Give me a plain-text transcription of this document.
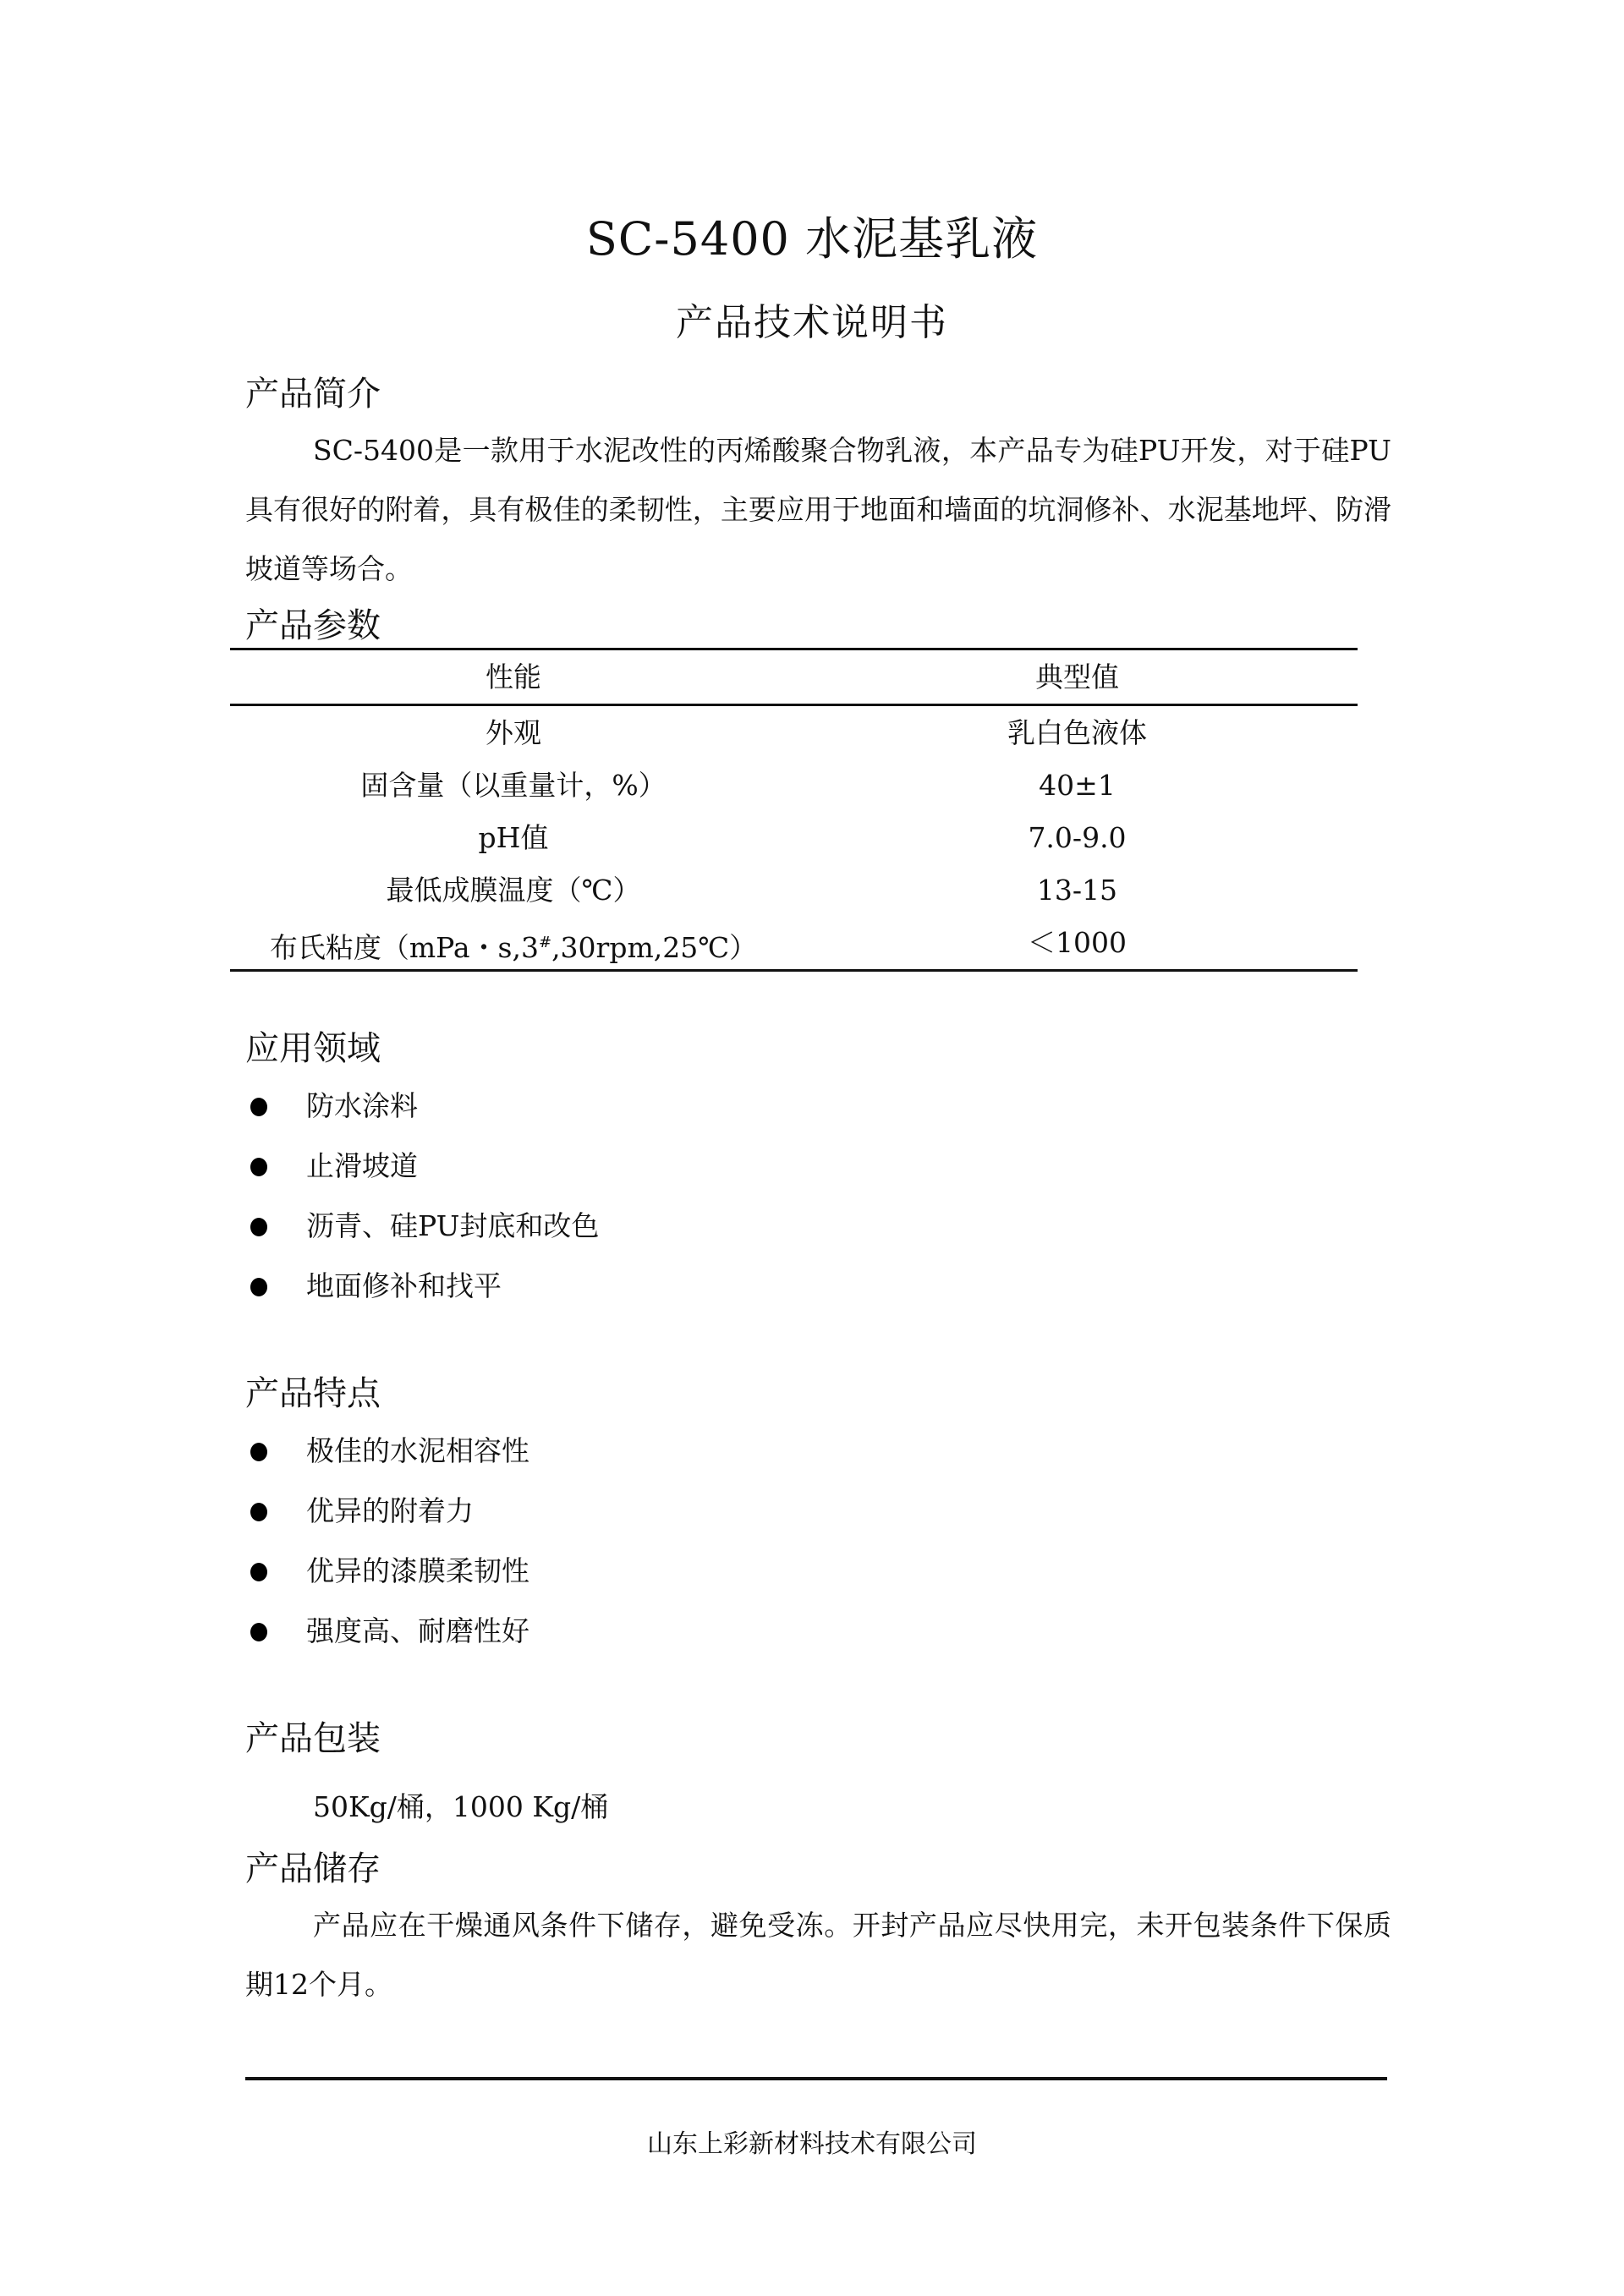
SC-5400 水泥基乳液
产品技术说明书
产品简介

SC-5400是一款用于水泥改性的丙烯酸聚合物乳液，本产品专为硅PU开发，对于硅PU具有很好的附着，具有极佳的柔韧性，主要应用于地面和墙面的坑洞修补、水泥基地坪、防滑坡道等场合。

产品参数
性能	典型值
外观	乳白色液体
固含量（以重量计，%）	40±1
pH值	7.0-9.0
最低成膜温度（℃）	13-15
布氏粘度（mPa・s,3#,30rpm,25℃）	＜1000
应用领域
防水涂料
止滑坡道
沥青、硅PU封底和改色
地面修补和找平
产品特点
极佳的水泥相容性
优异的附着力
优异的漆膜柔韧性
强度高、耐磨性好
产品包装
50Kg/桶，1000 Kg/桶
产品储存

产品应在干燥通风条件下储存，避免受冻。开封产品应尽快用完，未开包装条件下保质期12个月。

山东上彩新材料技术有限公司
